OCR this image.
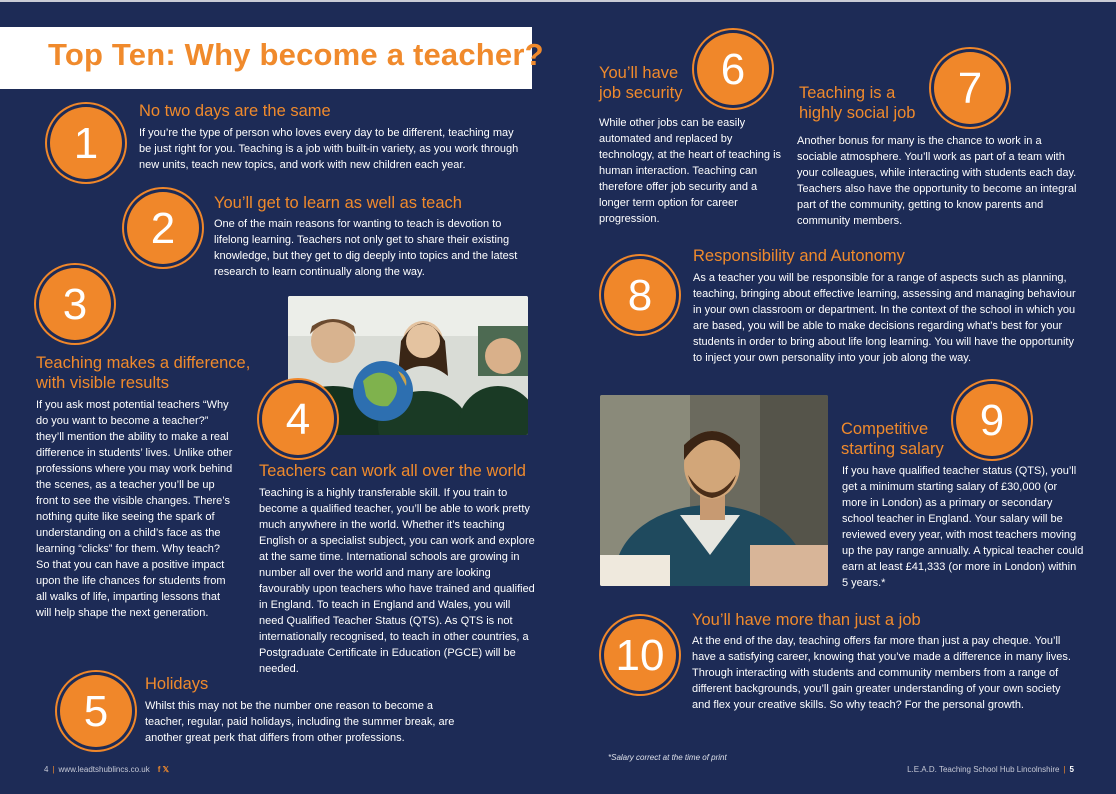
Top Ten: Why become a teacher?
1
No two days are the same
If you’re the type of person who loves every day to be different, teaching may be just right for you. Teaching is a job with built-in variety, as you work through new units, teach new topics, and work with new children each year.
2
You’ll get to learn as well as teach
One of the main reasons for wanting to teach is devotion to lifelong learning. Teachers not only get to share their existing knowledge, but they get to dig deeply into topics and the latest research to learn continually along the way.
3
Teaching makes a difference,
with visible results
If you ask most potential teachers “Why do you want to become a teacher?” they’ll mention the ability to make a real difference in students’ lives. Unlike other professions where you may work behind the scenes, as a teacher you’ll be up front to see the visible changes. There’s nothing quite like seeing the spark of understanding on a child’s face as the learning “clicks” for them. Why teach? So that you can have a positive impact upon the life chances for students from all walks of life, imparting lessons that will help shape the next generation.
4
Teachers can work all over the world
Teaching is a highly transferable skill. If you train to become a qualified teacher, you’ll be able to work pretty much anywhere in the world. Whether it’s teaching English or a specialist subject, you can work and explore at the same time. International schools are growing in number all over the world and many are looking favourably upon teachers who have trained and qualified in England. To teach in England and Wales, you will need Qualified Teacher Status (QTS). As QTS is not internationally recognised, to teach in other countries, a Postgraduate Certificate in Education (PGCE) will be needed.
5
Holidays
Whilst this may not be the number one reason to become a teacher, regular, paid holidays, including the summer break, are another great perk that differs from other professions.
You’ll have
job security 6
While other jobs can be easily automated and replaced by technology, at the heart of teaching is human interaction. Teaching can therefore offer job security and a longer term option for career progression.
Teaching is a
highly social job 7
Another bonus for many is the chance to work in a sociable atmosphere. You’ll work as part of a team with your colleagues, while interacting with students each day. Teachers also have the opportunity to become an integral part of the community, getting to know parents and community members.
8
Responsibility and Autonomy
As a teacher you will be responsible for a range of aspects such as planning, teaching, bringing about effective learning, assessing and managing behaviour in your own classroom or department. In the context of the school in which you are based, you will be able to make decisions regarding what’s best for your students in order to bring about life long learning. You will have the opportunity to inject your own personality into your job along the way.
Competitive
starting salary
9
If you have qualified teacher status (QTS), you’ll get a minimum starting salary of £30,000 (or more in London) as a primary or secondary school teacher in England. Your salary will be reviewed every year, with most teachers moving up the pay range annually. A typical teacher could earn at least £41,333 (or more in London) within 5 years.*
10
You’ll have more than just a job
At the end of the day, teaching offers far more than just a pay cheque. You’ll have a satisfying career, knowing that you’ve made a difference in many lives. Through interacting with students and community members from a range of different backgrounds, you’ll gain greater understanding of your own society and flex your creative skills. So why teach? For the personal growth.
*Salary correct at the time of print
4 | www.leadtshublincs.co.uk f 𝕏	L.E.A.D. Teaching School Hub Lincolnshire | 5
